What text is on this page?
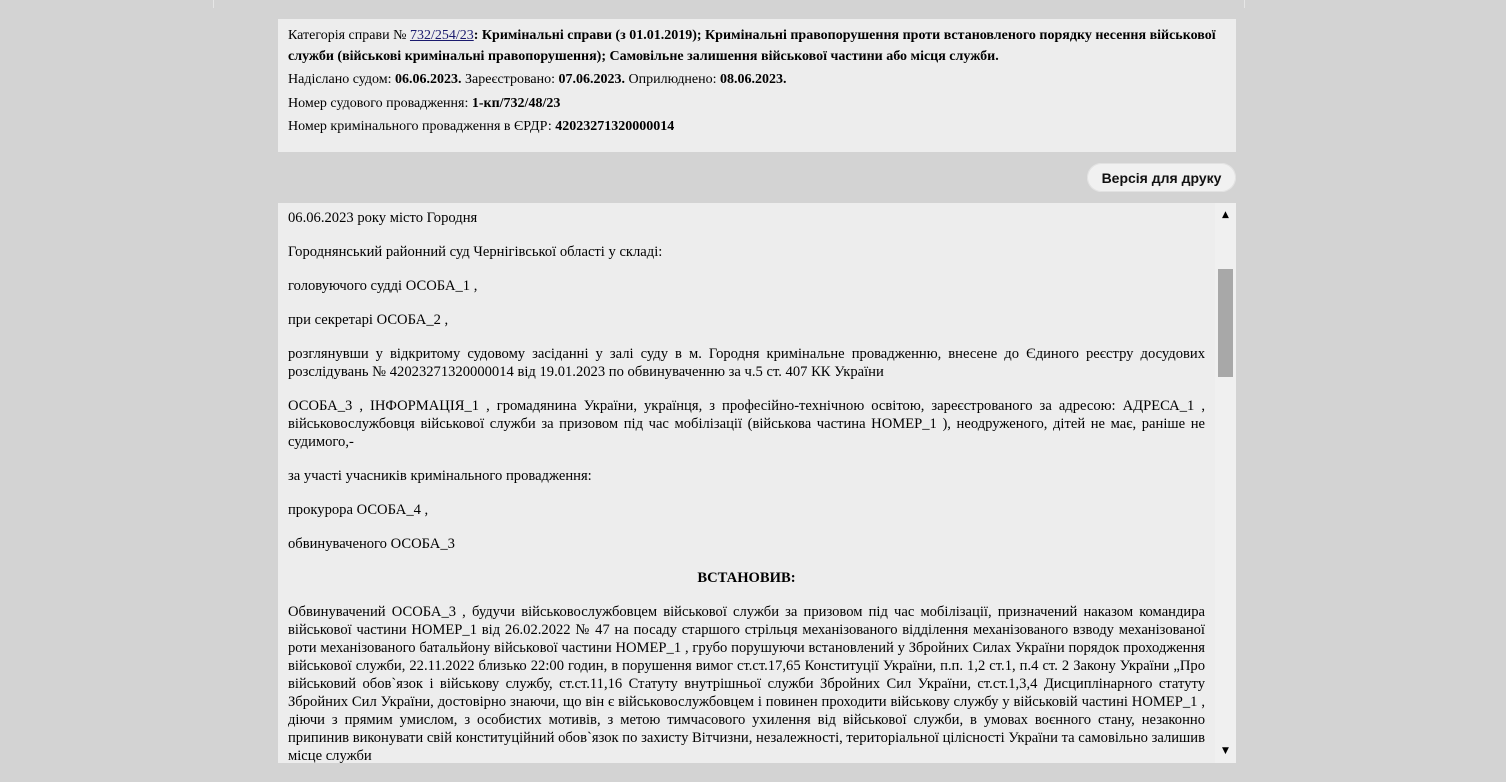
Категорія справи № 732/254/23: Кримінальні справи (з 01.01.2019); Кримінальні правопорушення проти встановленого порядку несення військової служби (військові кримінальні правопорушення); Самовільне залишення військової частини або місця служби.
Надіслано судом: 06.06.2023. Зареєстровано: 07.06.2023. Оприлюднено: 08.06.2023.
Номер судового провадження: 1-кп/732/48/23
Номер кримінального провадження в ЄРДР: 42023271320000014
Версія для друку

06.06.2023 року місто Городня

Городнянський районний суд Чернігівської області у складі:

головуючого судді ОСОБА_1 ,

при секретарі ОСОБА_2 ,

розглянувши у відкритому судовому засіданні у залі суду в м. Городня кримінальне провадженню, внесене до Єдиного реєстру досудових розслідувань № 42023271320000014 від 19.01.2023 по обвинуваченню за ч.5 ст. 407 КК України

ОСОБА_3 , ІНФОРМАЦІЯ_1 , громадянина України, українця, з професійно-технічною освітою, зареєстрованого за адресою: АДРЕСА_1 , військовослужбовця військової служби за призовом під час мобілізації (військова частина НОМЕР_1 ), неодруженого, дітей не має, раніше не судимого,-

за участі учасників кримінального провадження:

прокурора ОСОБА_4 ,

обвинуваченого ОСОБА_3

ВСТАНОВИВ:

Обвинувачений ОСОБА_3 , будучи військовослужбовцем військової служби за призовом під час мобілізації, призначений наказом командира військової частини НОМЕР_1 від 26.02.2022 № 47 на посаду старшого стрільця механізованого відділення механізованого взводу механізованої роти механізованого батальйону військової частини НОМЕР_1 , грубо порушуючи встановлений у Збройних Силах України порядок проходження військової служби, 22.11.2022 близько 22:00 годин, в порушення вимог ст.ст.17,65 Конституції України, п.п. 1,2 ст.1, п.4 ст. 2 Закону України „Про військовий обов`язок і військову службу, ст.ст.11,16 Статуту внутрішньої служби Збройних Сил України, ст.ст.1,3,4 Дисциплінарного статуту Збройних Сил України, достовірно знаючи, що він є військовослужбовцем і повинен проходити військову службу у військовій частині НОМЕР_1 , діючи з прямим умислом, з особистих мотивів, з метою тимчасового ухилення від військової служби, в умовах воєнного стану, незаконно припинив виконувати свій конституційний обов`язок по захисту Вітчизни, незалежності, територіальної цілісності України та самовільно залишив місце служби

▲
▼
